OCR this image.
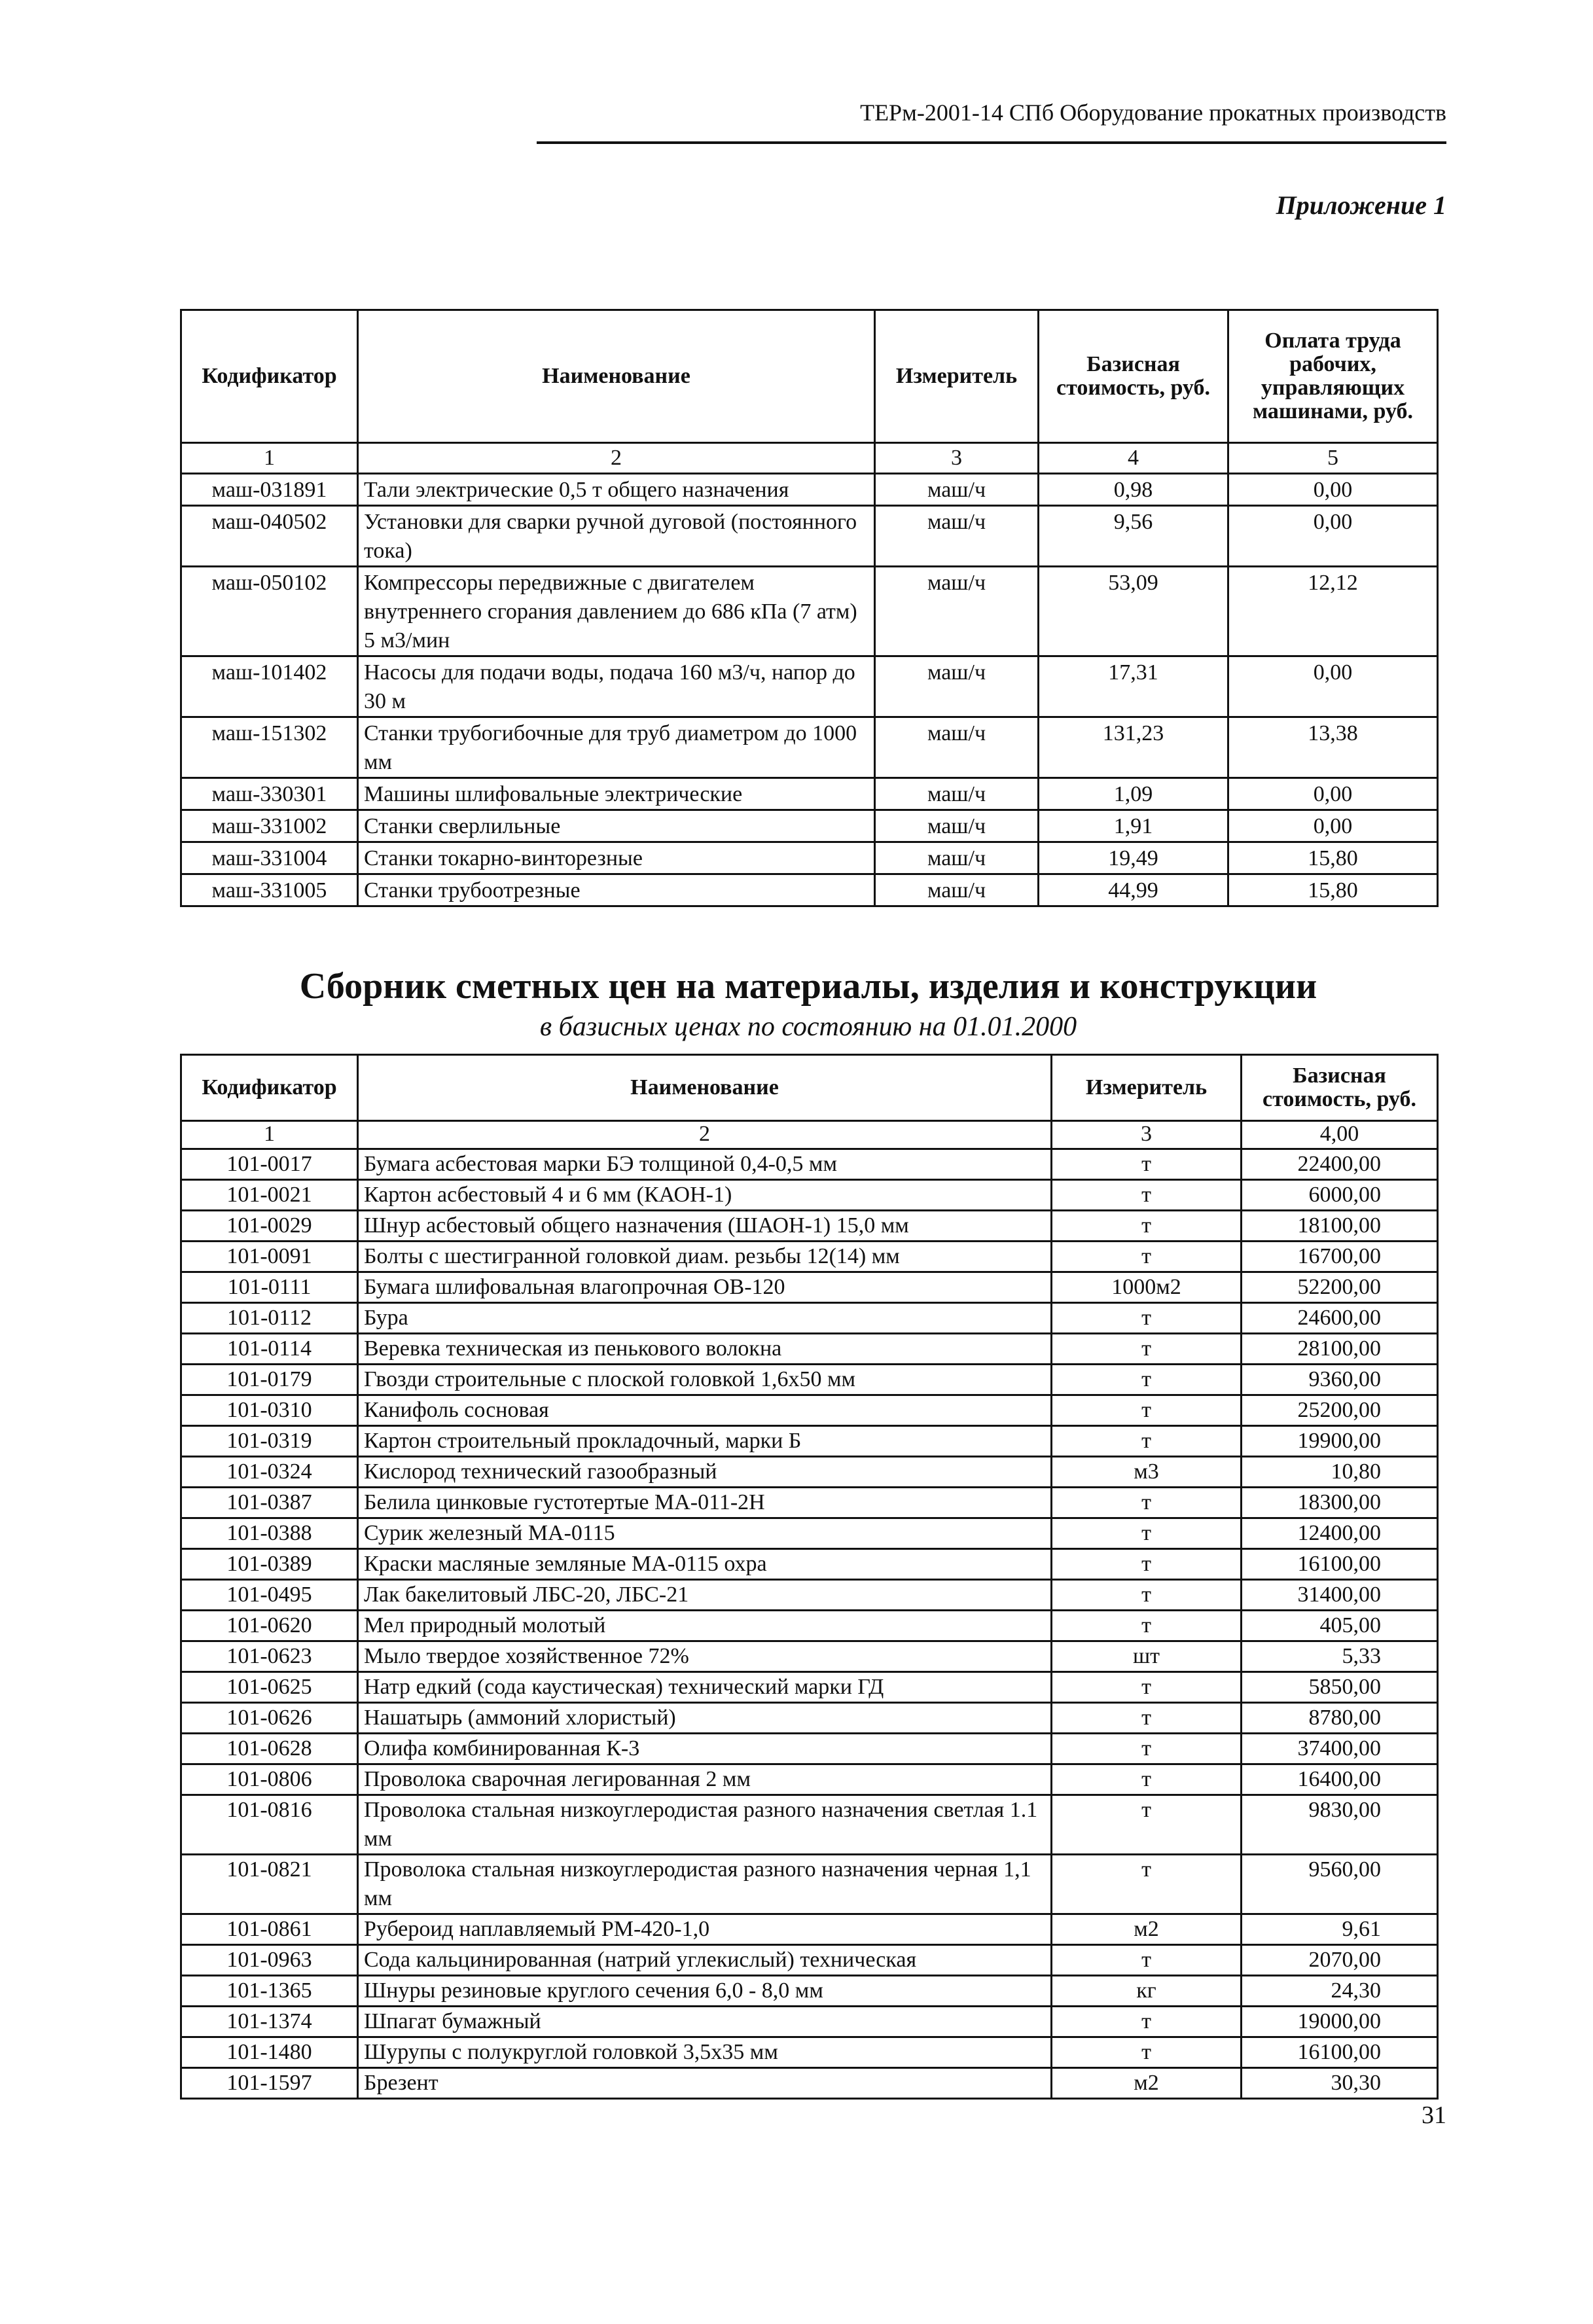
ТЕРм-2001-14 СПб Оборудование прокатных производств
Приложение 1
Кодификатор	Наименование	Измеритель	Базисная стоимость, руб.	Оплата труда рабочих, управляющих машинами, руб.
1	2	3	4	5
маш-031891	Тали электрические 0,5 т общего назначения	маш/ч	0,98	0,00
маш-040502	Установки для сварки ручной дуговой (постоянного тока)	маш/ч	9,56	0,00
маш-050102	Компрессоры передвижные с двигателем внутреннего сгорания давлением до 686 кПа (7 атм) 5 м3/мин	маш/ч	53,09	12,12
маш-101402	Насосы для подачи воды, подача 160 м3/ч, напор до 30 м	маш/ч	17,31	0,00
маш-151302	Станки трубогибочные для труб диаметром до 1000 мм	маш/ч	131,23	13,38
маш-330301	Машины шлифовальные электрические	маш/ч	1,09	0,00
маш-331002	Станки сверлильные	маш/ч	1,91	0,00
маш-331004	Станки токарно-винторезные	маш/ч	19,49	15,80
маш-331005	Станки трубоотрезные	маш/ч	44,99	15,80
Сборник сметных цен на материалы, изделия и конструкции
в базисных ценах по состоянию на 01.01.2000
Кодификатор	Наименование	Измеритель	Базисная стоимость, руб.
1	2	3	4,00
101-0017	Бумага асбестовая марки БЭ толщиной 0,4-0,5 мм	т	22400,00
101-0021	Картон асбестовый 4 и 6 мм (КАОН-1)	т	6000,00
101-0029	Шнур асбестовый общего назначения (ШАОН-1) 15,0 мм	т	18100,00
101-0091	Болты с шестигранной головкой диам. резьбы 12(14) мм	т	16700,00
101-0111	Бумага шлифовальная влагопрочная ОВ-120	1000м2	52200,00
101-0112	Бура	т	24600,00
101-0114	Веревка техническая из пенькового волокна	т	28100,00
101-0179	Гвозди строительные с плоской головкой 1,6x50 мм	т	9360,00
101-0310	Канифоль сосновая	т	25200,00
101-0319	Картон строительный прокладочный, марки Б	т	19900,00
101-0324	Кислород технический газообразный	м3	10,80
101-0387	Белила цинковые густотертые МА-011-2Н	т	18300,00
101-0388	Сурик железный МА-0115	т	12400,00
101-0389	Краски масляные земляные МА-0115 охра	т	16100,00
101-0495	Лак бакелитовый ЛБС-20, ЛБС-21	т	31400,00
101-0620	Мел природный молотый	т	405,00
101-0623	Мыло твердое хозяйственное 72%	шт	5,33
101-0625	Натр едкий (сода каустическая) технический марки ГД	т	5850,00
101-0626	Нашатырь (аммоний хлористый)	т	8780,00
101-0628	Олифа комбинированная К-3	т	37400,00
101-0806	Проволока сварочная легированная 2 мм	т	16400,00
101-0816	Проволока стальная низкоуглеродистая разного назначения светлая 1.1 мм	т	9830,00
101-0821	Проволока стальная низкоуглеродистая разного назначения черная 1,1 мм	т	9560,00
101-0861	Рубероид наплавляемый РМ-420-1,0	м2	9,61
101-0963	Сода кальцинированная (натрий углекислый) техническая	т	2070,00
101-1365	Шнуры резиновые круглого сечения 6,0 - 8,0 мм	кг	24,30
101-1374	Шпагат бумажный	т	19000,00
101-1480	Шурупы с полукруглой головкой 3,5x35 мм	т	16100,00
101-1597	Брезент	м2	30,30
31
